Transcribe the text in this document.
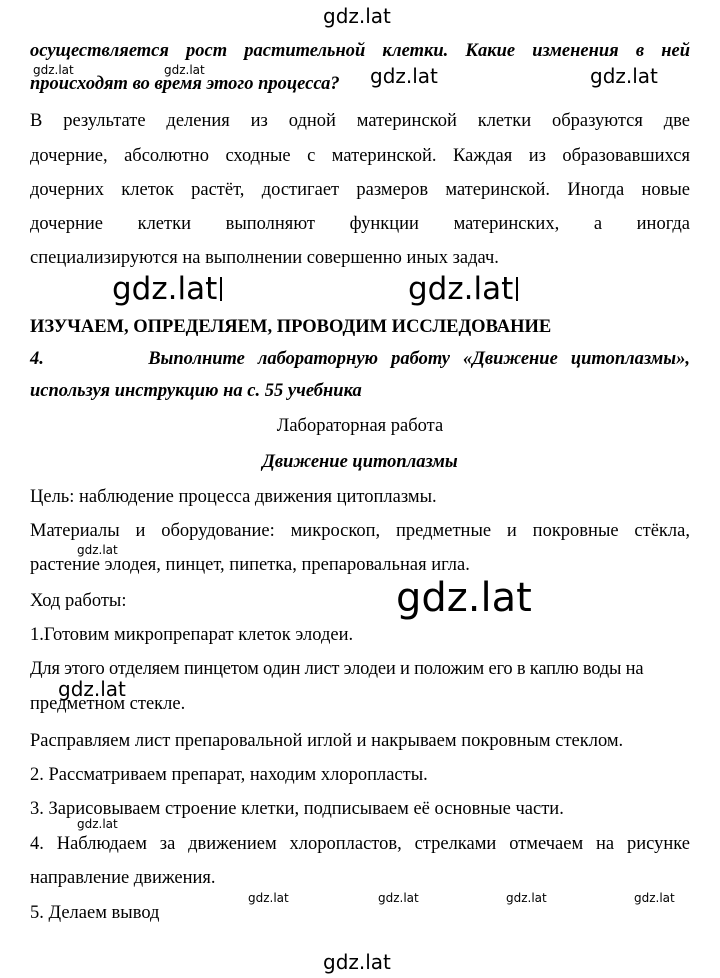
осуществляется рост растительной клетки. Какие изменения в ней
происходят во время этого процесса?
В результате деления из одной материнской клетки образуются две
дочерние, абсолютно сходные с материнской. Каждая из образовавшихся
дочерних клеток растёт, достигает размеров материнской. Иногда новые
дочерние клетки выполняют функции материнских, а иногда
специализируются на выполнении совершенно иных задач.
ИЗУЧАЕМ, ОПРЕДЕЛЯЕМ, ПРОВОДИМ ИССЛЕДОВАНИЕ
4.        Выполните лабораторную работу «Движение цитоплазмы»,
используя инструкцию на с. 55 учебника
Лабораторная работа
Движение цитоплазмы
Цель: наблюдение процесса движения цитоплазмы.
Материалы и оборудование: микроскоп, предметные и покровные стёкла,
растение элодея, пинцет, пипетка, препаровальная игла.
Ход работы:
1.Готовим микропрепарат клеток элодеи.
Для этого отделяем пинцетом один лист элодеи и положим его в каплю воды на
предметном стекле.
Расправляем лист препаровальной иглой и накрываем покровным стеклом.
2. Рассматриваем препарат, находим хлоропласты.
3. Зарисовываем строение клетки, подписываем её основные части.
4. Наблюдаем за движением хлоропластов, стрелками отмечаем на рисунке
направление движения.
5. Делаем вывод
gdz.lat
gdz.lat	gdz.lat	gdz.lat	gdz.lat
gdz.lat	gdz.lat
gdz.lat
gdz.lat
gdz.lat
gdz.lat
gdz.lat	gdz.lat	gdz.lat	gdz.lat
gdz.lat
